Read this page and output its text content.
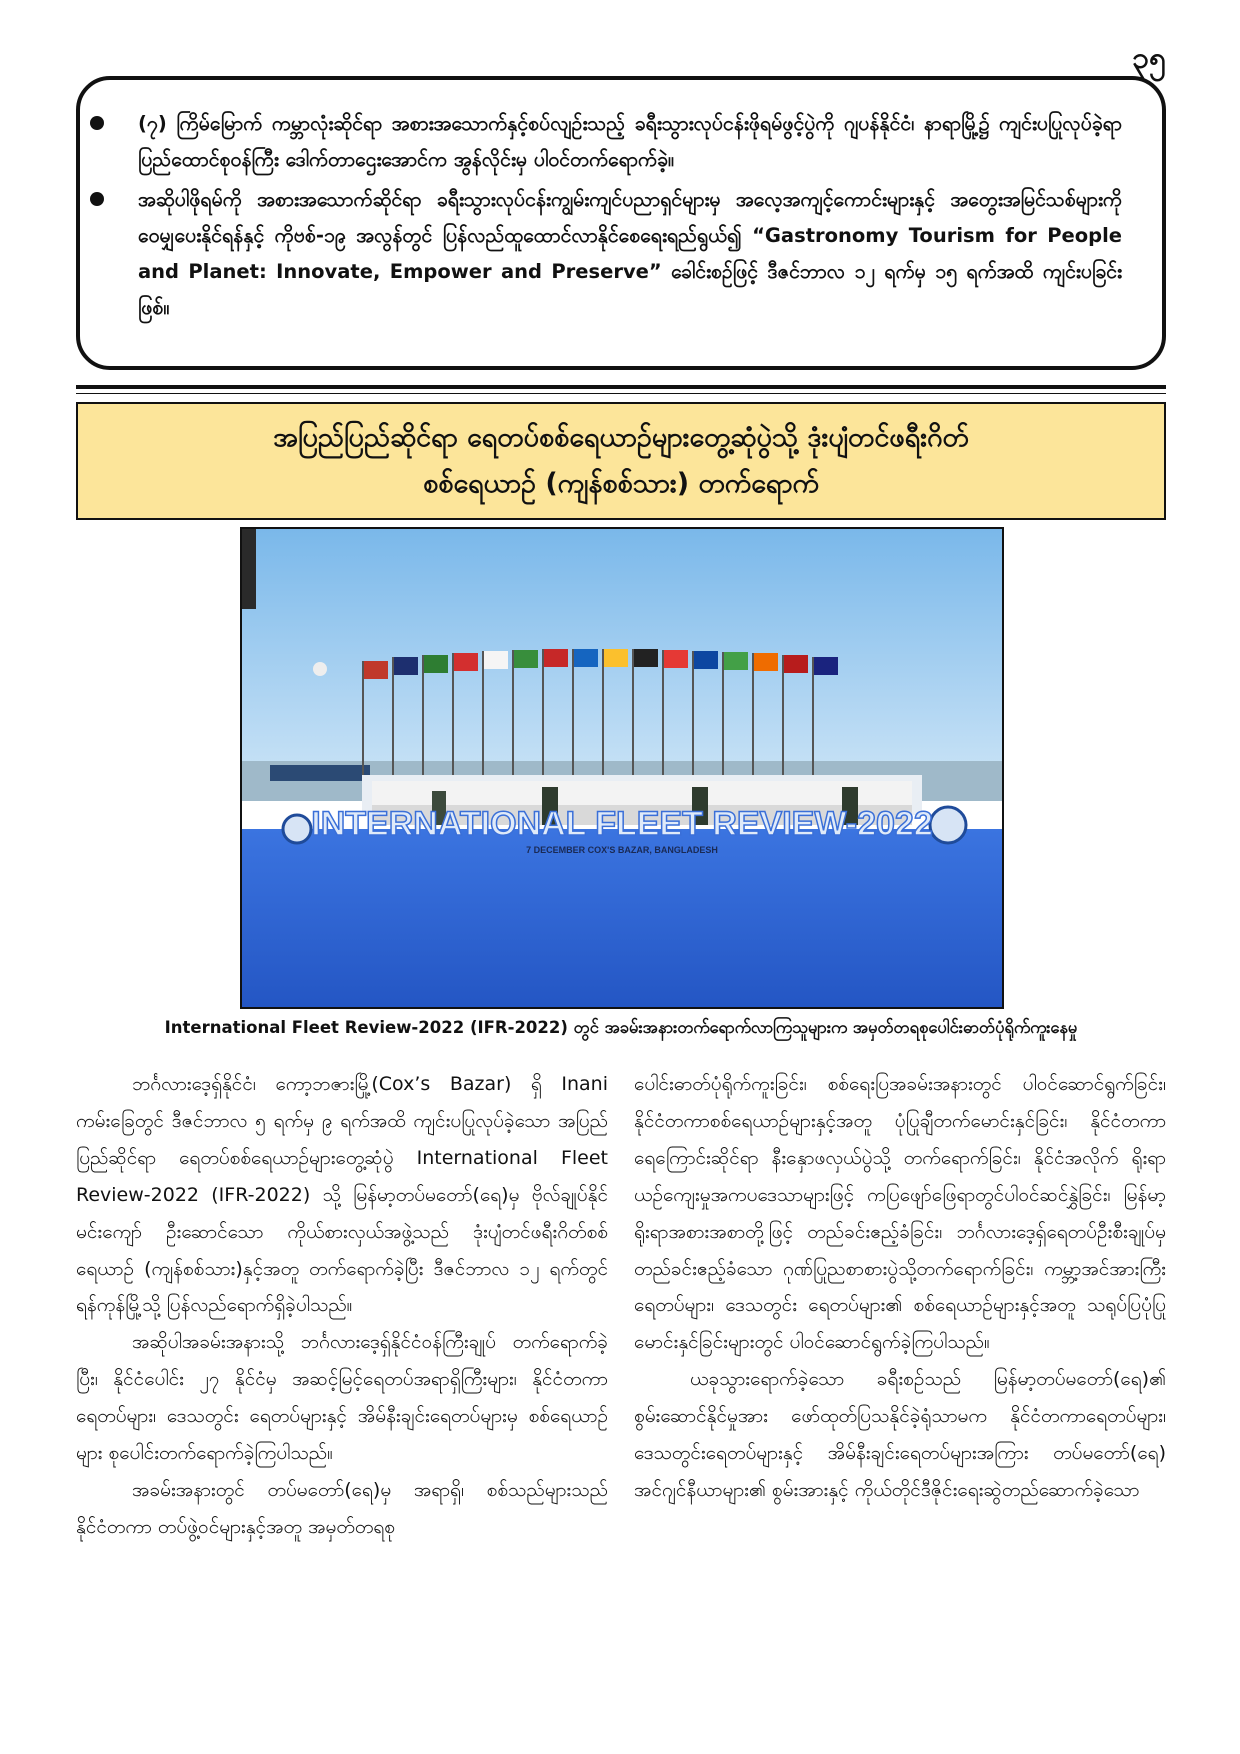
၃၅
(၇) ကြိမ်မြောက် ကမ္ဘာလုံးဆိုင်ရာ အစားအသောက်နှင့်စပ်လျဉ်းသည့် ခရီးသွားလုပ်ငန်းဖိုရမ်ဖွင့်ပွဲကို ဂျပန်နိုင်ငံ၊ နာရာမြို့၌ ကျင်းပပြုလုပ်ခဲ့ရာ ပြည်ထောင်စုဝန်ကြီး ဒေါက်တာဌေးအောင်က အွန်လိုင်းမှ ပါဝင်တက်ရောက်ခဲ့။
အဆိုပါဖိုရမ်ကို အစားအသောက်ဆိုင်ရာ ခရီးသွားလုပ်ငန်းကျွမ်းကျင်ပညာရှင်များမှ အလေ့အကျင့်ကောင်းများနှင့် အတွေးအမြင်သစ်များကို ဝေမျှပေးနိုင်ရန်နှင့် ကိုဗစ်-၁၉ အလွန်တွင် ပြန်လည်ထူထောင်လာနိုင်စေရေးရည်ရွယ်၍ “Gastronomy Tourism for People and Planet: Innovate, Empower and Preserve” ခေါင်းစဉ်ဖြင့် ဒီဇင်ဘာလ ၁၂ ရက်မှ ၁၅ ရက်အထိ ကျင်းပခြင်းဖြစ်။
အပြည်ပြည်ဆိုင်ရာ ရေတပ်စစ်ရေယာဉ်များတွေ့ဆုံပွဲသို့ ဒုံးပျံတင်ဖရီးဂိတ်
စစ်ရေယာဉ် (ကျန်စစ်သား) တက်ရောက်
INTERNATIONAL FLEET REVIEW-2022
7 DECEMBER COX'S BAZAR, BANGLADESH
International Fleet Review-2022 (IFR-2022) တွင် အခမ်းအနားတက်ရောက်လာကြသူများက အမှတ်တရစုပေါင်းဓာတ်ပုံရိုက်ကူးနေမှု

ဘင်္ဂလားဒေ့ရှ်နိုင်ငံ၊ ကော့ဘဇားမြို့(Cox’s Bazar) ရှိ Inani ကမ်းခြေတွင် ဒီဇင်ဘာလ ၅ ရက်မှ ၉ ရက်အထိ ကျင်းပပြုလုပ်ခဲ့သော အပြည်ပြည်ဆိုင်ရာ ရေတပ်စစ်ရေယာဉ်များတွေ့ဆုံပွဲ International Fleet Review-2022 (IFR-2022) သို့ မြန်မာ့တပ်မတော်(ရေ)မှ ဗိုလ်ချုပ်နိုင်မင်းကျော် ဦးဆောင်သော ကိုယ်စားလှယ်အဖွဲ့သည် ဒုံးပျံတင်ဖရီးဂိတ်စစ်ရေယာဉ် (ကျန်စစ်သား)နှင့်အတူ တက်ရောက်ခဲ့ပြီး ဒီဇင်ဘာလ ၁၂ ရက်တွင် ရန်ကုန်မြို့သို့ ပြန်လည်ရောက်ရှိခဲ့ပါသည်။

အဆိုပါအခမ်းအနားသို့ ဘင်္ဂလားဒေ့ရှ်နိုင်ငံဝန်ကြီးချုပ် တက်ရောက်ခဲ့ပြီး၊ နိုင်ငံပေါင်း ၂၇ နိုင်ငံမှ အဆင့်မြင့်ရေတပ်အရာရှိကြီးများ၊ နိုင်ငံတကာရေတပ်များ၊ ဒေသတွင်း ရေတပ်များနှင့် အိမ်နီးချင်းရေတပ်များမှ စစ်ရေယာဉ်များ စုပေါင်းတက်ရောက်ခဲ့ကြပါသည်။

အခမ်းအနားတွင် တပ်မတော်(ရေ)မှ အရာရှိ၊ စစ်သည်များသည် နိုင်ငံတကာ တပ်ဖွဲ့ဝင်များနှင့်အတူ အမှတ်တရစု

ပေါင်းဓာတ်ပုံရိုက်ကူးခြင်း၊ စစ်ရေးပြအခမ်းအနားတွင် ပါဝင်ဆောင်ရွက်ခြင်း၊ နိုင်ငံတကာစစ်ရေယာဉ်များနှင့်အတူ ပုံပြုချီတက်မောင်းနှင်ခြင်း၊ နိုင်ငံတကာရေကြောင်းဆိုင်ရာ နီးနှောဖလှယ်ပွဲသို့ တက်ရောက်ခြင်း၊ နိုင်ငံအလိုက် ရိုးရာယဉ်ကျေးမှုအကပဒေသာများဖြင့် ကပြဖျော်ဖြေရာတွင်ပါဝင်ဆင်နွှဲခြင်း၊ မြန်မာ့ရိုးရာအစားအစာတို့ဖြင့် တည်ခင်းဧည့်ခံခြင်း၊ ဘင်္ဂလားဒေ့ရှ်ရေတပ်ဦးစီးချုပ်မှ တည်ခင်းဧည့်ခံသော ဂုဏ်ပြုညစာစားပွဲသို့တက်ရောက်ခြင်း၊ ကမ္ဘာ့အင်အားကြီးရေတပ်များ၊ ဒေသတွင်း ရေတပ်များ၏ စစ်ရေယာဉ်များနှင့်အတူ သရုပ်ပြပုံပြုမောင်းနှင်ခြင်းများတွင် ပါဝင်ဆောင်ရွက်ခဲ့ကြပါသည်။

ယခုသွားရောက်ခဲ့သော ခရီးစဉ်သည် မြန်မာ့တပ်မတော်(ရေ)၏ စွမ်းဆောင်နိုင်မှုအား ဖော်ထုတ်ပြသနိုင်ခဲ့ရုံသာမက နိုင်ငံတကာရေတပ်များ၊ ဒေသတွင်းရေတပ်များနှင့် အိမ်နီးချင်းရေတပ်များအကြား တပ်မတော်(ရေ) အင်ဂျင်နီယာများ၏ စွမ်းအားနှင့် ကိုယ်တိုင်ဒီဇိုင်းရေးဆွဲတည်ဆောက်ခဲ့သော
